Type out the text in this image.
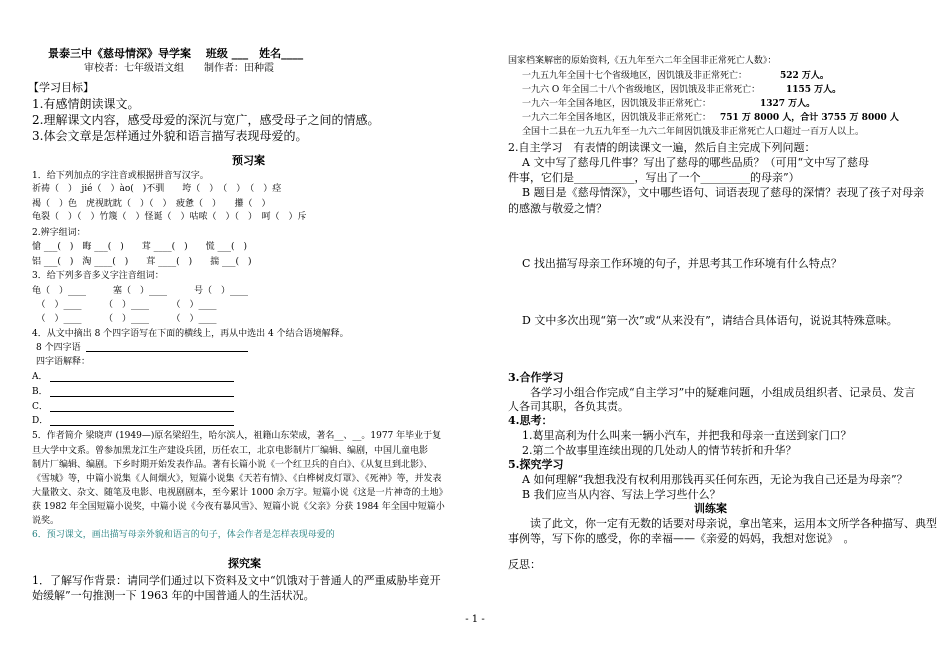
景泰三中《慈母情深》导学案　 班级 ___　姓名____
审校者：七年级语文组　　制作者：田种霞
【学习目标】
1.有感情朗读课文。
2.理解课文内容，感受母爱的深沉与宽广，感受母子之间的情感。
3.体会文章是怎样通过外貌和语言描写表现母爱的。
预习案
1．给下列加点的字注音或根据拼音写汉字。
祈祷（　）　jié（　）ào(　)不驯　　垮（　）　（　）　（　）痉
褐（　）色　虎视眈眈（　）（　）　疲惫（　）　　攥（　）
龟裂（　）（　）竹篾（　）怪诞（　）咕哝（　）（　）　呵（　）斥
2.辨字组词：
愴 ___(　)　晦 ___(　)　　茸 ____(　)　　慌 ___(　)
铝 ___(　)　淘 ____(　)　　茸 ____(　)　　揣 ___(　)
3．给下列多音多义字注音组词：
龟（　）____　　　塞（　）____　　　号（　）____
　（　）____　　　（　）____　　　（　）____
　（　）____　　　（　）____　　　（　）____
4．从文中摘出 8 个四字语写在下面的横线上，再从中选出 4 个结合语境解释。
8 个四字语
四字语解释：
A．
B．
C．
D．
5．作者简介 梁晓声 (1949—)原名梁绍生，哈尔滨人，祖籍山东荣成，著名__、__。1977 年毕业于复
旦大学中文系。曾参加黑龙江生产建设兵团，历任农工，北京电影制片厂编辑、编剧，中国儿童电影
制片厂编辑、编剧。下乡时期开始发表作品。著有长篇小说《一个红卫兵的自白》、《从复旦到北影》、
《雪城》等，中篇小说集《人间烟火》，短篇小说集《天若有情》、《白桦树皮灯罩》、《死神》等，并发表
大量散文、杂文、随笔及电影、电视剧剧本，至今累计 1000 余万字。短篇小说《这是一片神奇的土地》
获 1982 年全国短篇小说奖，中篇小说《今夜有暴风雪》、短篇小说《父亲》分获 1984 年全国中短篇小
说奖。
6．预习课文，画出描写母亲外貌和语言的句子，体会作者是怎样表现母爱的
探究案
1．了解写作背景：请同学们通过以下资料及文中“饥饿对于普通人的严重威胁毕竟开
始缓解”一句推测一下 1963 年的中国普通人的生活状况。
国家档案解密的原始资料,《五九年至六二年全国非正常死亡人数》：
一九五九年全国十七个省级地区，因饥饿及非正常死亡：	522 万人。
一九六 O 年全国二十八个省级地区，因饥饿及非正常死亡：	1155 万人。
一九六一年全国各地区，因饥饿及非正常死亡：	1327 万人。
一九六二年全国各地区，因饥饿及非正常死亡： 751 万 8000 人，合计 3755 万 8000 人
全国十二县在一九五九年至一九六二年间因饥饿及非正常死亡人口超过一百万人以上。
2.自主学习　有表情的朗读课文一遍，然后自主完成下列问题：
A 文中写了慈母几件事？写出了慈母的哪些品质？（可用“文中写了慈母
件事，它们是___________，写出了一个_________的母亲”）
B 题目是《慈母情深》，文中哪些语句、词语表现了慈母的深情？表现了孩子对母亲
的感激与敬爱之情？
C 找出描写母亲工作环境的句子，并思考其工作环境有什么特点？
D 文中多次出现“第一次”或“从来没有”，请结合具体语句，说说其特殊意味。
3.合作学习
　　各学习小组合作完成“自主学习”中的疑难问题，小组成员组织者、记录员、发言
人各司其职，各负其责。
4.思考：
1.葛里高利为什么叫来一辆小汽车，并把我和母亲一直送到家门口？
2.第二个故事里连续出现的几处动人的情节转折和升华？
5.探究学习
A 如何理解“我想我没有权利用那钱再买任何东西，无论为我自己还是为母亲”？
B 我们应当从内容、写法上学习些什么？
训练案
　　读了此文，你一定有无数的话要对母亲说，拿出笔来，运用本文所学各种描写、典型
事例等，写下你的感受，你的幸福——《亲爱的妈妈，我想对您说》　。
反思：
- 1 -
